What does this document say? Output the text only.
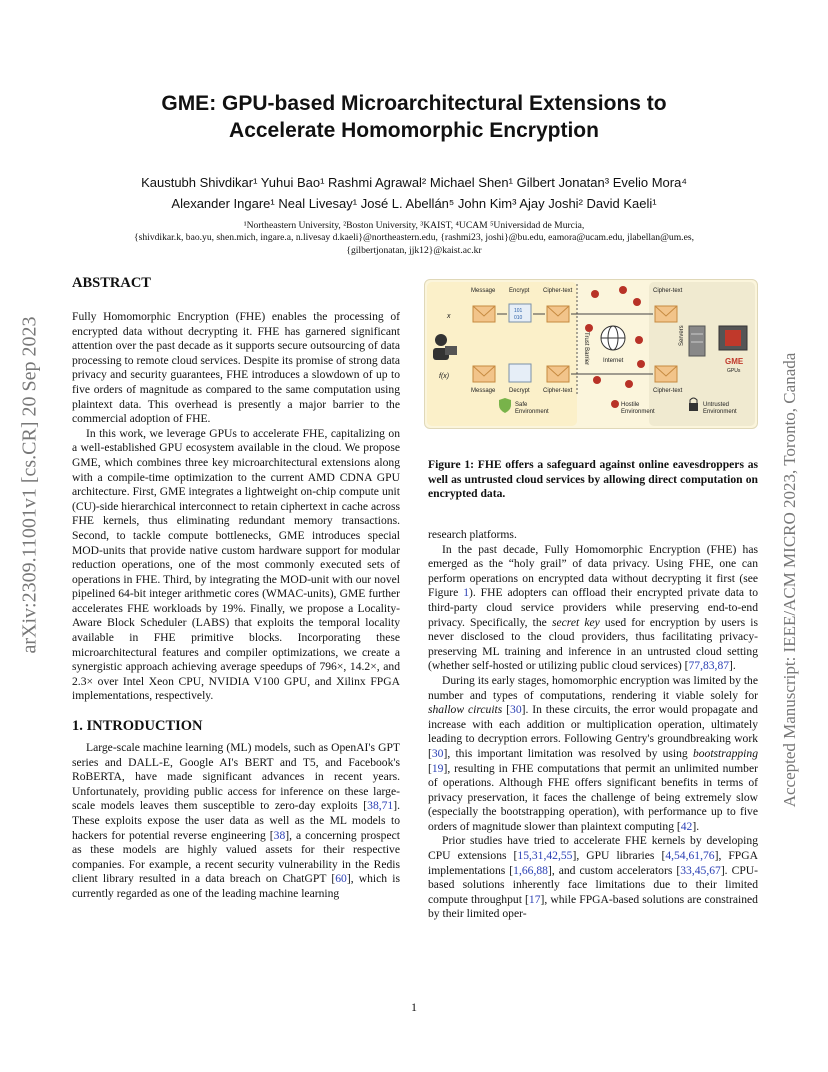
GME: GPU-based Microarchitectural Extensions to
Accelerate Homomorphic Encryption
Kaustubh Shivdikar¹ Yuhui Bao¹ Rashmi Agrawal² Michael Shen¹ Gilbert Jonatan³ Evelio Mora⁴
Alexander Ingare¹ Neal Livesay¹ José L. Abellán⁵ John Kim³ Ajay Joshi² David Kaeli¹
¹Northeastern University, ²Boston University, ³KAIST, ⁴UCAM ⁵Universidad de Murcia,
{shivdikar.k, bao.yu, shen.mich, ingare.a, n.livesay d.kaeli}@northeastern.edu, {rashmi23, joshi}@bu.edu, eamora@ucam.edu, jlabellan@um.es,
{gilbertjonatan, jjk12}@kaist.ac.kr
arXiv:2309.11001v1 [cs.CR] 20 Sep 2023	Accepted Manuscript: IEEE/ACM MICRO 2023, Toronto, Canada
ABSTRACT

Fully Homomorphic Encryption (FHE) enables the processing of encrypted data without decrypting it. FHE has garnered significant attention over the past decade as it supports secure outsourcing of data processing to remote cloud services. Despite its promise of strong data privacy and security guarantees, FHE introduces a slowdown of up to five orders of magnitude as compared to the same computation using plaintext data. This overhead is presently a major barrier to the commercial adoption of FHE.

In this work, we leverage GPUs to accelerate FHE, capitalizing on a well-established GPU ecosystem available in the cloud. We propose GME, which combines three key microarchitectural extensions along with a compile-time optimization to the current AMD CDNA GPU architecture. First, GME integrates a lightweight on-chip compute unit (CU)-side hierarchical interconnect to retain ciphertext in cache across FHE kernels, thus eliminating redundant memory transactions. Second, to tackle compute bottlenecks, GME introduces special MOD-units that provide native custom hardware support for modular reduction operations, one of the most commonly executed sets of operations in FHE. Third, by integrating the MOD-unit with our novel pipelined 64-bit integer arithmetic cores (WMAC-units), GME further accelerates FHE workloads by 19%. Finally, we propose a Locality-Aware Block Scheduler (LABS) that exploits the temporal locality available in FHE primitive blocks. Incorporating these microarchitectural features and compiler optimizations, we create a synergistic approach achieving average speedups of 796×, 14.2×, and 2.3× over Intel Xeon CPU, NVIDIA V100 GPU, and Xilinx FPGA implementations, respectively.

1. INTRODUCTION

Large-scale machine learning (ML) models, such as OpenAI's GPT series and DALL-E, Google AI's BERT and T5, and Facebook's RoBERTA, have made significant advances in recent years. Unfortunately, providing public access for inference on these large-scale models leaves them susceptible to zero-day exploits [38,71]. These exploits expose the user data as well as the ML models to hackers for potential reverse engineering [38], a concerning prospect as these models are highly valued assets for their respective companies. For example, a recent security vulnerability in the Redis client library resulted in a data breach on ChatGPT [60], which is currently regarded as one of the leading machine learning

Trust Barrier
Message Encrypt Cipher-text	Cipher-text
101
010
x
f(x)
Internet
Servers
GME
GPUs
Message Decrypt Cipher-text	Cipher-text
Safe
Environment
Hostile
Environment
Untrusted
Environment
Figure 1: FHE offers a safeguard against online eavesdroppers as well as untrusted cloud services by allowing direct computation on encrypted data.

research platforms.

In the past decade, Fully Homomorphic Encryption (FHE) has emerged as the “holy grail” of data privacy. Using FHE, one can perform operations on encrypted data without decrypting it first (see Figure 1). FHE adopters can offload their encrypted private data to third-party cloud service providers while preserving end-to-end privacy. Specifically, the secret key used for encryption by users is never disclosed to the cloud providers, thus facilitating privacy-preserving ML training and inference in an untrusted cloud setting (whether self-hosted or utilizing public cloud services) [77,83,87].

During its early stages, homomorphic encryption was limited by the number and types of computations, rendering it viable solely for shallow circuits [30]. In these circuits, the error would propagate and increase with each addition or multiplication operation, ultimately leading to decryption errors. Following Gentry's groundbreaking work [30], this important limitation was resolved by using bootstrapping [19], resulting in FHE computations that permit an unlimited number of operations. Although FHE offers significant benefits in terms of privacy preservation, it faces the challenge of being extremely slow (especially the bootstrapping operation), with performance up to five orders of magnitude slower than plaintext computing [42].

Prior studies have tried to accelerate FHE kernels by developing CPU extensions [15,31,42,55], GPU libraries [4,54,61,76], FPGA implementations [1,66,88], and custom accelerators [33,45,67]. CPU-based solutions inherently face limitations due to their limited compute throughput [17], while FPGA-based solutions are constrained by their limited oper-

1
